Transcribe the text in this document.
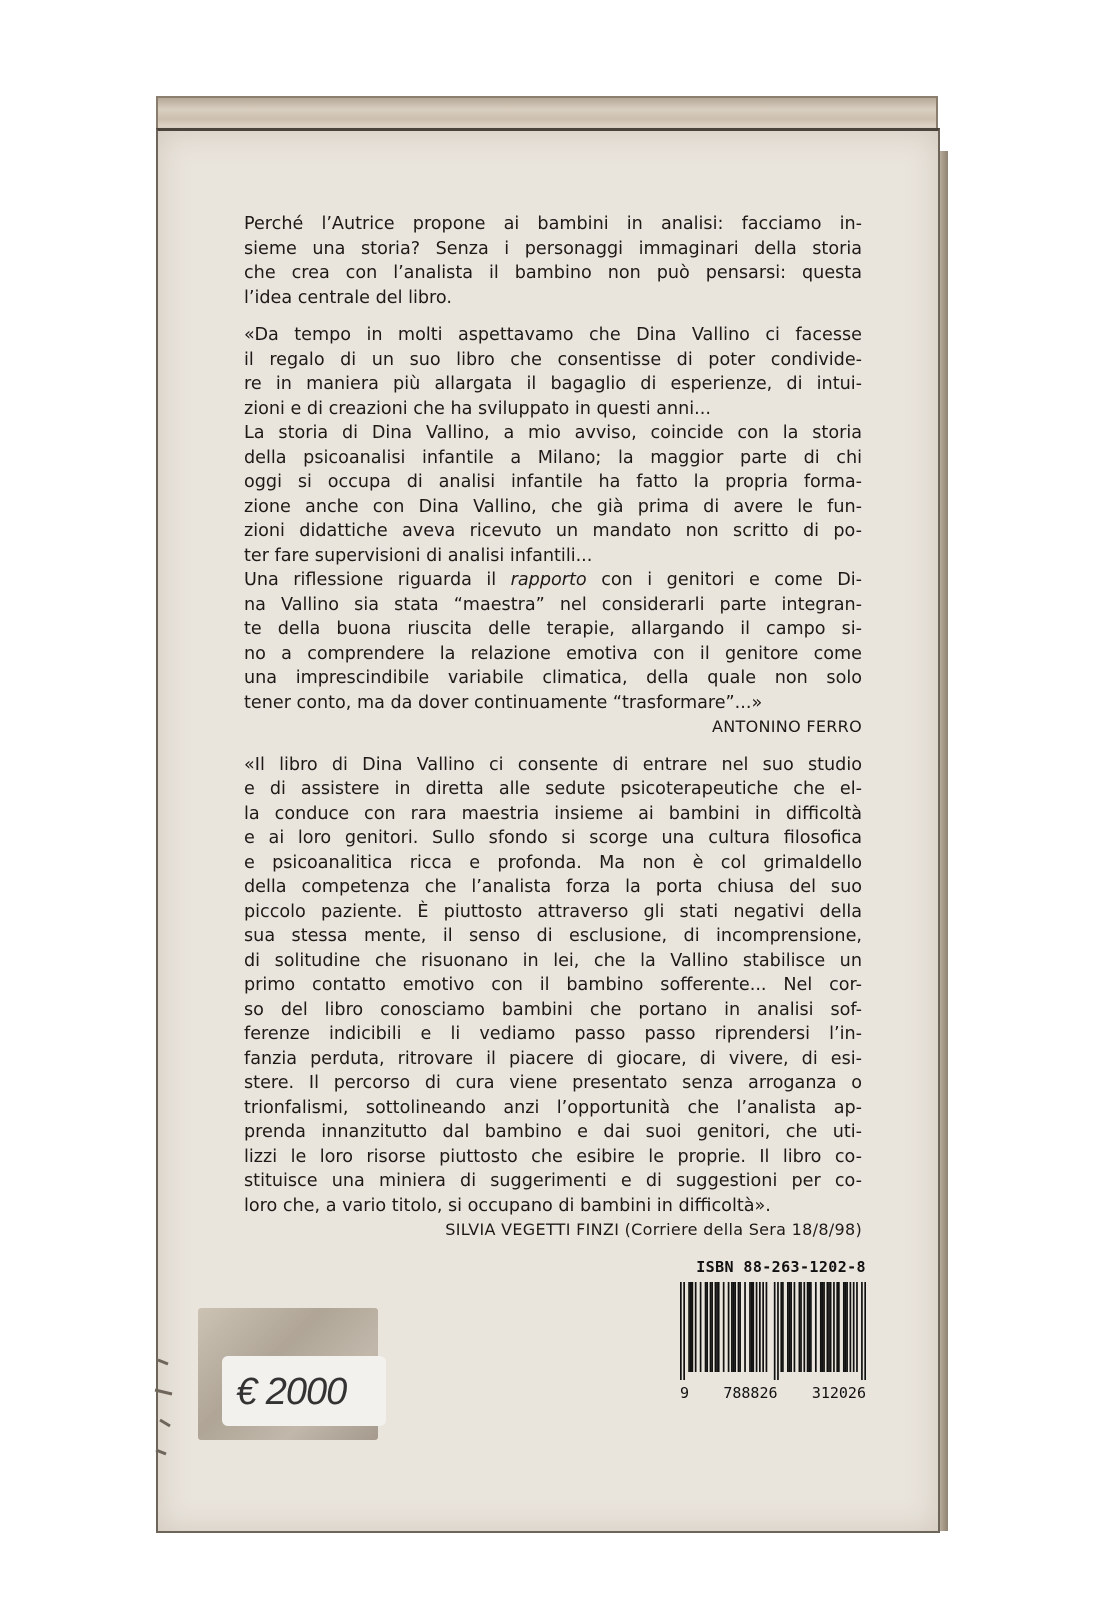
Perché l’Autrice propone ai bambini in analisi: facciamo in-
sieme una storia? Senza i personaggi immaginari della storia
che crea con l’analista il bambino non può pensarsi: questa
l’idea centrale del libro.
«Da tempo in molti aspettavamo che Dina Vallino ci facesse
il regalo di un suo libro che consentisse di poter condivide-
re in maniera più allargata il bagaglio di esperienze, di intui-
zioni e di creazioni che ha sviluppato in questi anni...
La storia di Dina Vallino, a mio avviso, coincide con la storia
della psicoanalisi infantile a Milano; la maggior parte di chi
oggi si occupa di analisi infantile ha fatto la propria forma-
zione anche con Dina Vallino, che già prima di avere le fun-
zioni didattiche aveva ricevuto un mandato non scritto di po-
ter fare supervisioni di analisi infantili...
Una riflessione riguarda il rapporto con i genitori e come Di-
na Vallino sia stata “maestra” nel considerarli parte integran-
te della buona riuscita delle terapie, allargando il campo si-
no a comprendere la relazione emotiva con il genitore come
una imprescindibile variabile climatica, della quale non solo
tener conto, ma da dover continuamente “trasformare”...»
ANTONINO FERRO
«Il libro di Dina Vallino ci consente di entrare nel suo studio
e di assistere in diretta alle sedute psicoterapeutiche che el-
la conduce con rara maestria insieme ai bambini in difficoltà
e ai loro genitori. Sullo sfondo si scorge una cultura filosofica
e psicoanalitica ricca e profonda. Ma non è col grimaldello
della competenza che l’analista forza la porta chiusa del suo
piccolo paziente. È piuttosto attraverso gli stati negativi della
sua stessa mente, il senso di esclusione, di incomprensione,
di solitudine che risuonano in lei, che la Vallino stabilisce un
primo contatto emotivo con il bambino sofferente... Nel cor-
so del libro conosciamo bambini che portano in analisi sof-
ferenze indicibili e li vediamo passo passo riprendersi l’in-
fanzia perduta, ritrovare il piacere di giocare, di vivere, di esi-
stere. Il percorso di cura viene presentato senza arroganza o
trionfalismi, sottolineando anzi l’opportunità che l’analista ap-
prenda innanzitutto dal bambino e dai suoi genitori, che uti-
lizzi le loro risorse piuttosto che esibire le proprie. Il libro co-
stituisce una miniera di suggerimenti e di suggestioni per co-
loro che, a vario titolo, si occupano di bambini in difficoltà».
SILVIA VEGETTI FINZI (Corriere della Sera 18/8/98)
ISBN 88-263-1202-8
9 788826 312026
€ 2000
